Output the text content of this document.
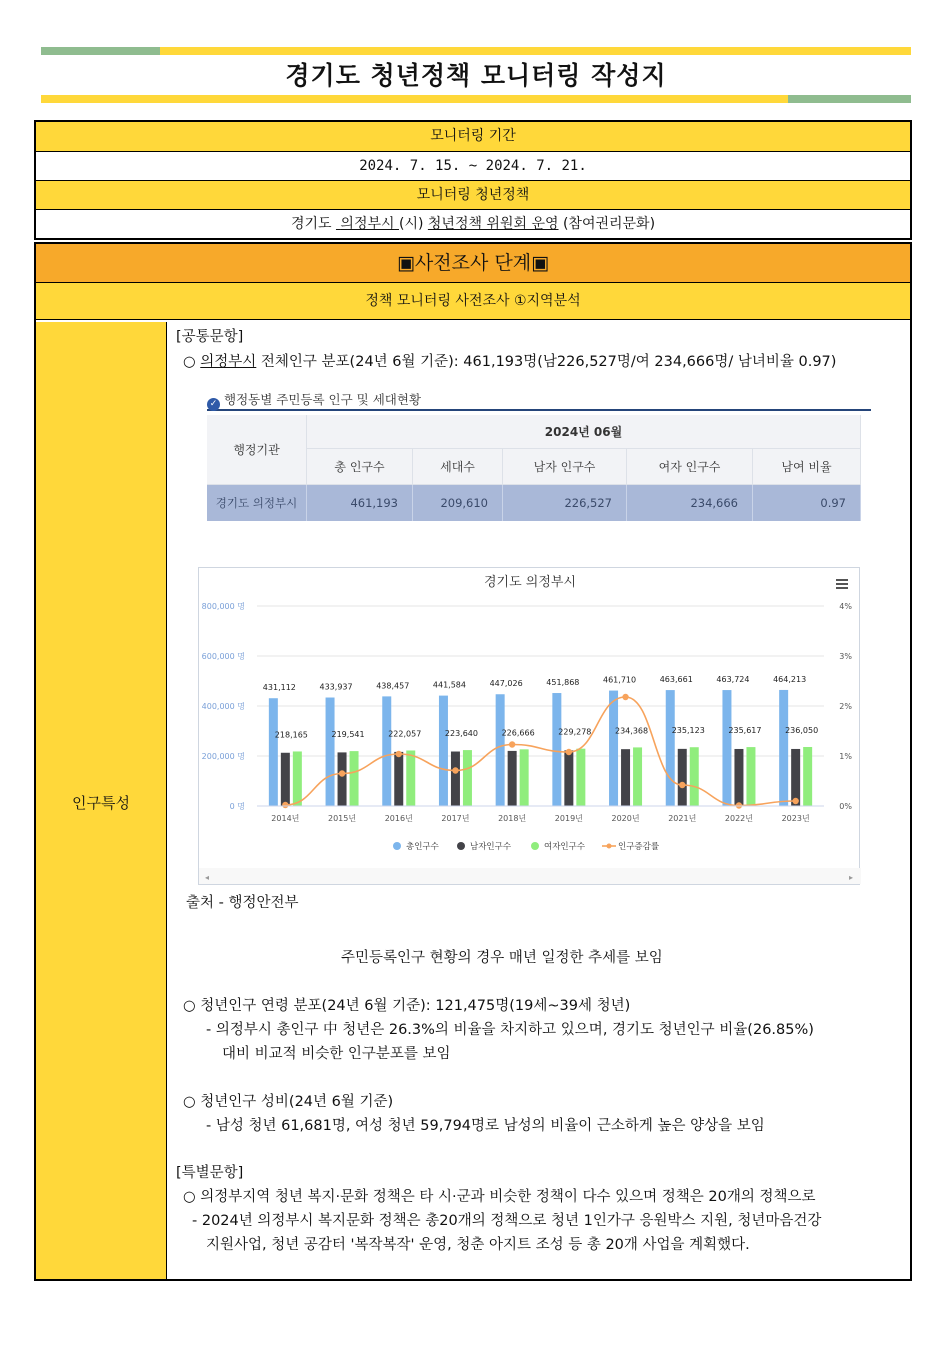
경기도 청년정책 모니터링 작성지
모니터링 기간
2024. 7. 15. ~ 2024. 7. 21.
모니터링 청년정책
경기도  의정부시 (시) 청년정책 위원회 운영 (참여권리문화)
▣사전조사 단계▣
정책 모니터링 사전조사 ①지역분석
인구특성
[공통문항]
○ 의정부시 전체인구 분포(24년 6월 기준): 461,193명(남226,527명/여 234,666명/ 남녀비율 0.97)
✓ 행정동별 주민등록 인구 및 세대현황
행정기관
2024년 06월
총 인구수	세대수	남자 인구수	여자 인구수	남여 비율
경기도 의정부시	461,193	209,610	226,527	234,666	0.97
경기도 의정부시
0 명	0%
200,000 명	1%
400,000 명	2%
600,000 명	3%
800,000 명	4%
431,112
218,165
2014년
433,937
219,541
2015년
438,457
222,057
2016년
441,584
223,640
2017년
447,026
226,666
2018년
451,868
229,278
2019년
461,710
234,368
2020년
463,661
235,123
2021년
463,724
235,617
2022년
464,213
236,050
2023년
총인구수	남자인구수	여자인구수	인구증감률
◂	▸
출처 - 행정안전부
주민등록인구 현황의 경우 매년 일정한 추세를 보임
○ 청년인구 연령 분포(24년 6월 기준): 121,475명(19세~39세 청년)
- 의정부시 총인구 中 청년은 26.3%의 비율을 차지하고 있으며, 경기도 청년인구 비율(26.85%)
대비 비교적 비슷한 인구분포를 보임
○ 청년인구 성비(24년 6월 기준)
- 남성 청년 61,681명, 여성 청년 59,794명로 남성의 비율이 근소하게 높은 양상을 보임
[특별문항]
○ 의정부지역 청년 복지·문화 정책은 타 시·군과 비슷한 정책이 다수 있으며 정책은 20개의 정책으로
- 2024년 의정부시 복지문화 정책은 총20개의 정책으로 청년 1인가구 응원박스 지원, 청년마음건강
지원사업, 청년 공감터 '복작복작' 운영, 청춘 아지트 조성 등 총 20개 사업을 계획했다.
